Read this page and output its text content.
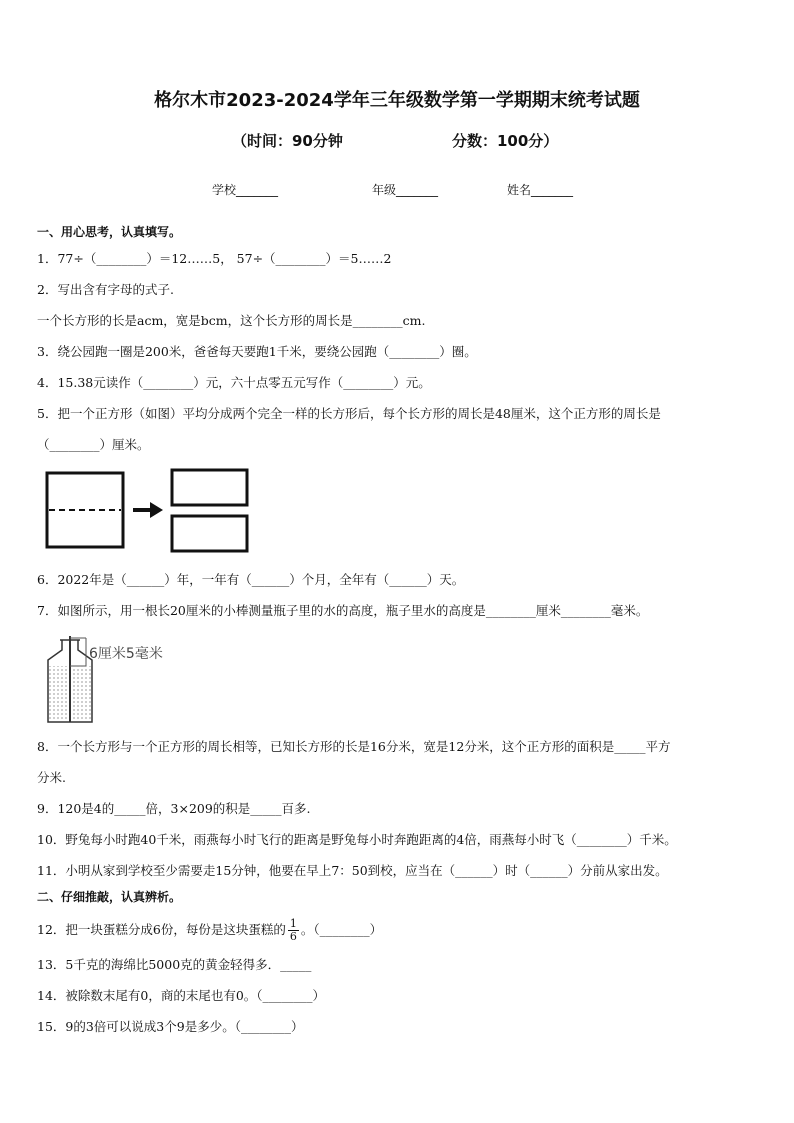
格尔木市2023-2024学年三年级数学第一学期期末统考试题
（时间：90分钟	分数：100分）
学校_______	年级_______	姓名_______
一、用心思考，认真填写。
1．77÷（________）＝12……5， 57÷（________）＝5……2
2．写出含有字母的式子.
一个长方形的长是acm，宽是bcm，这个长方形的周长是________cm.
3．绕公园跑一圈是200米，爸爸每天要跑1千米，要绕公园跑（________）圈。
4．15.38元读作（________）元，六十点零五元写作（________）元。
5．把一个正方形（如图）平均分成两个完全一样的长方形后，每个长方形的周长是48厘米，这个正方形的周长是
（________）厘米。
6．2022年是（______）年，一年有（______）个月，全年有（______）天。
7．如图所示，用一根长20厘米的小棒测量瓶子里的水的高度，瓶子里水的高度是________厘米________毫米。
6厘米5毫米
8．一个长方形与一个正方形的周长相等，已知长方形的长是16分米，宽是12分米，这个正方形的面积是_____平方
分米.
9．120是4的_____倍，3×209的积是_____百多.
10．野兔每小时跑40千米，雨燕每小时飞行的距离是野兔每小时奔跑距离的4倍，雨燕每小时飞（________）千米。
11．小明从家到学校至少需要走15分钟，他要在早上7：50到校，应当在（______）时（______）分前从家出发。
二、仔细推敲，认真辨析。
12．把一块蛋糕分成6份，每份是这块蛋糕的 $\frac{1}{6}$ 。（________）
13．5千克的海绵比5000克的黄金轻得多．_____
14．被除数末尾有0，商的末尾也有0。（________）
15．9的3倍可以说成3个9是多少。（________）
